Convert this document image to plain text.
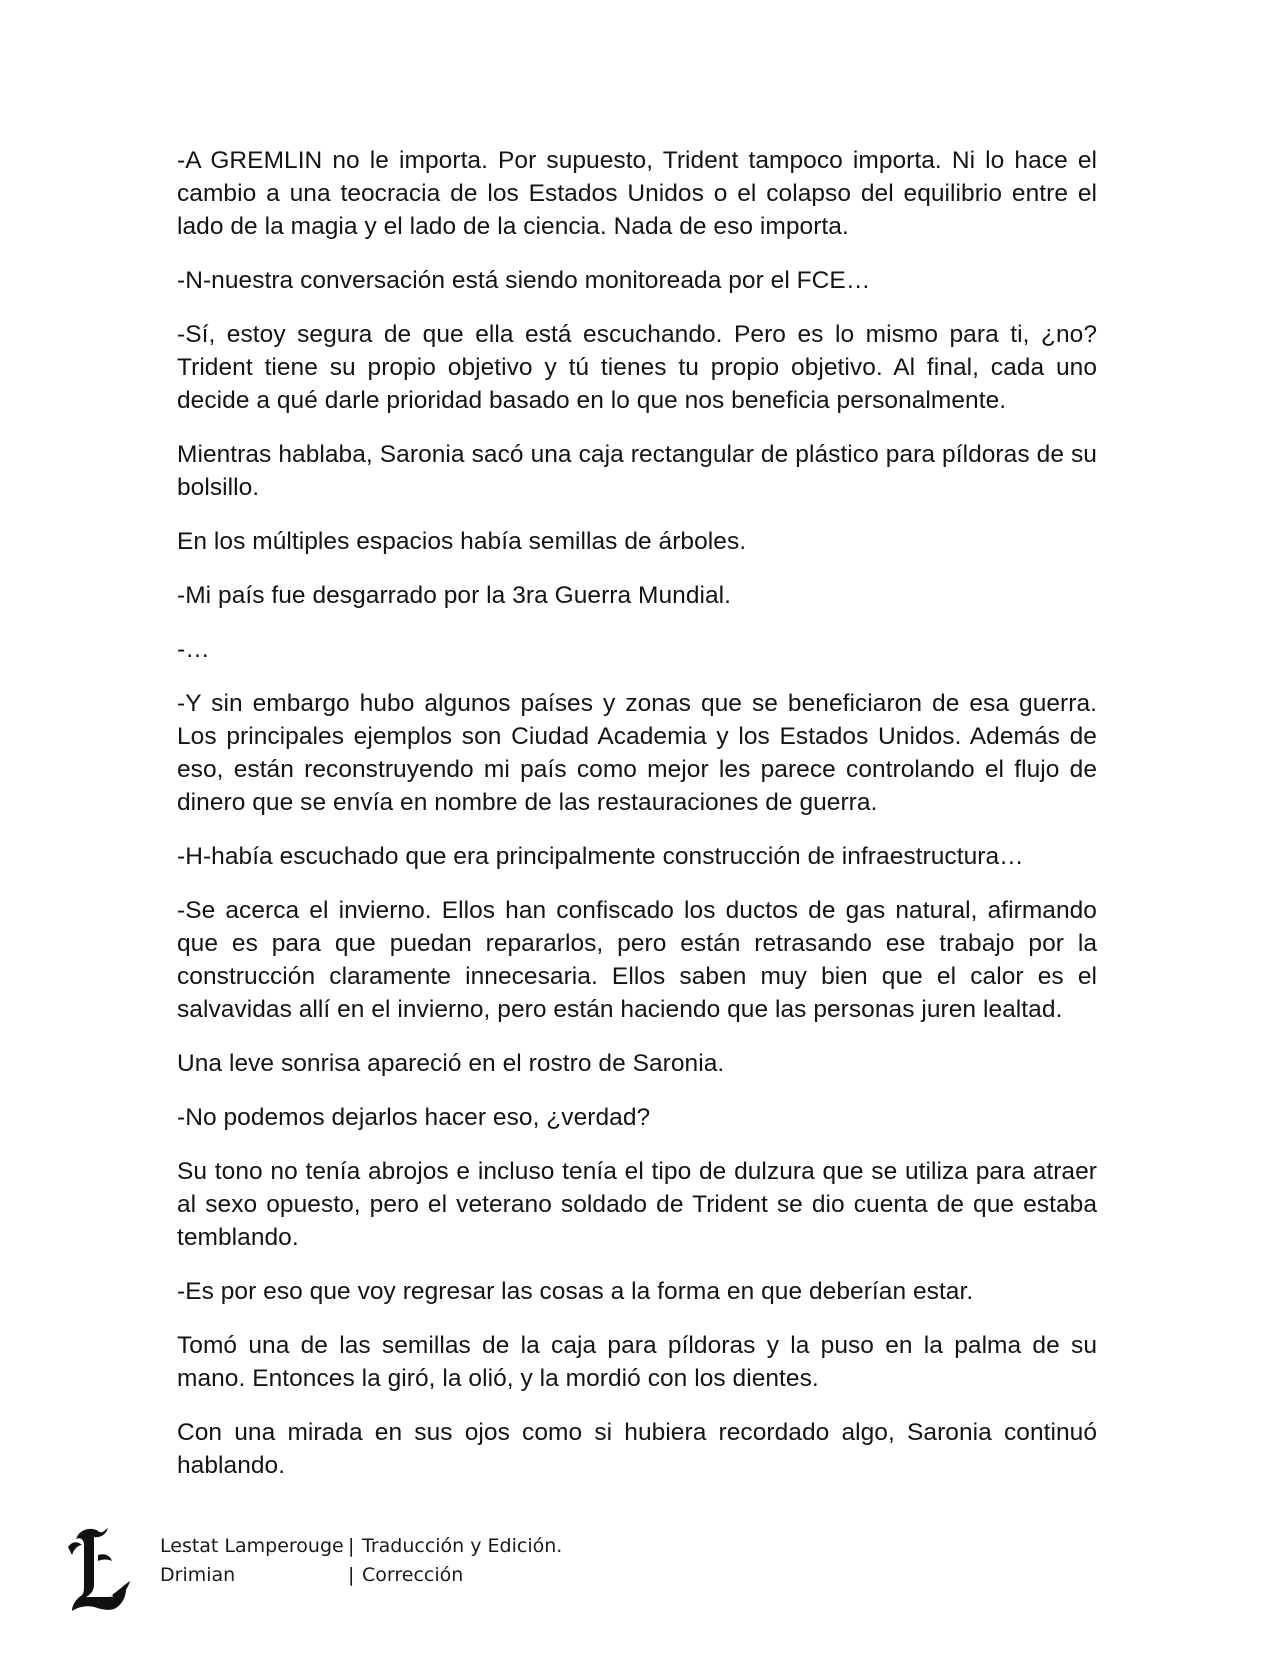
-A GREMLIN no le importa. Por supuesto, Trident tampoco importa. Ni lo hace el cambio a una teocracia de los Estados Unidos o el colapso del equilibrio entre el lado de la magia y el lado de la ciencia. Nada de eso importa.

-N-nuestra conversación está siendo monitoreada por el FCE…

-Sí, estoy segura de que ella está escuchando. Pero es lo mismo para ti, ¿no? Trident tiene su propio objetivo y tú tienes tu propio objetivo. Al final, cada uno decide a qué darle prioridad basado en lo que nos beneficia personalmente.

Mientras hablaba, Saronia sacó una caja rectangular de plástico para píldoras de su bolsillo.

En los múltiples espacios había semillas de árboles.

-Mi país fue desgarrado por la 3ra Guerra Mundial.

-…

-Y sin embargo hubo algunos países y zonas que se beneficiaron de esa guerra. Los principales ejemplos son Ciudad Academia y los Estados Unidos. Además de eso, están reconstruyendo mi país como mejor les parece controlando el flujo de dinero que se envía en nombre de las restauraciones de guerra.

-H-había escuchado que era principalmente construcción de infraestructura…

-Se acerca el invierno. Ellos han confiscado los ductos de gas natural, afirmando que es para que puedan repararlos, pero están retrasando ese trabajo por la construcción claramente innecesaria. Ellos saben muy bien que el calor es el salvavidas allí en el invierno, pero están haciendo que las personas juren lealtad.

Una leve sonrisa apareció en el rostro de Saronia.

-No podemos dejarlos hacer eso, ¿verdad?

Su tono no tenía abrojos e incluso tenía el tipo de dulzura que se utiliza para atraer al sexo opuesto, pero el veterano soldado de Trident se dio cuenta de que estaba temblando.

-Es por eso que voy regresar las cosas a la forma en que deberían estar.

Tomó una de las semillas de la caja para píldoras y la puso en la palma de su mano. Entonces la giró, la olió, y la mordió con los dientes.

Con una mirada en sus ojos como si hubiera recordado algo, Saronia continuó hablando.

Lestat Lamperouge | Traducción y Edición.
Drimian	| Corrección
